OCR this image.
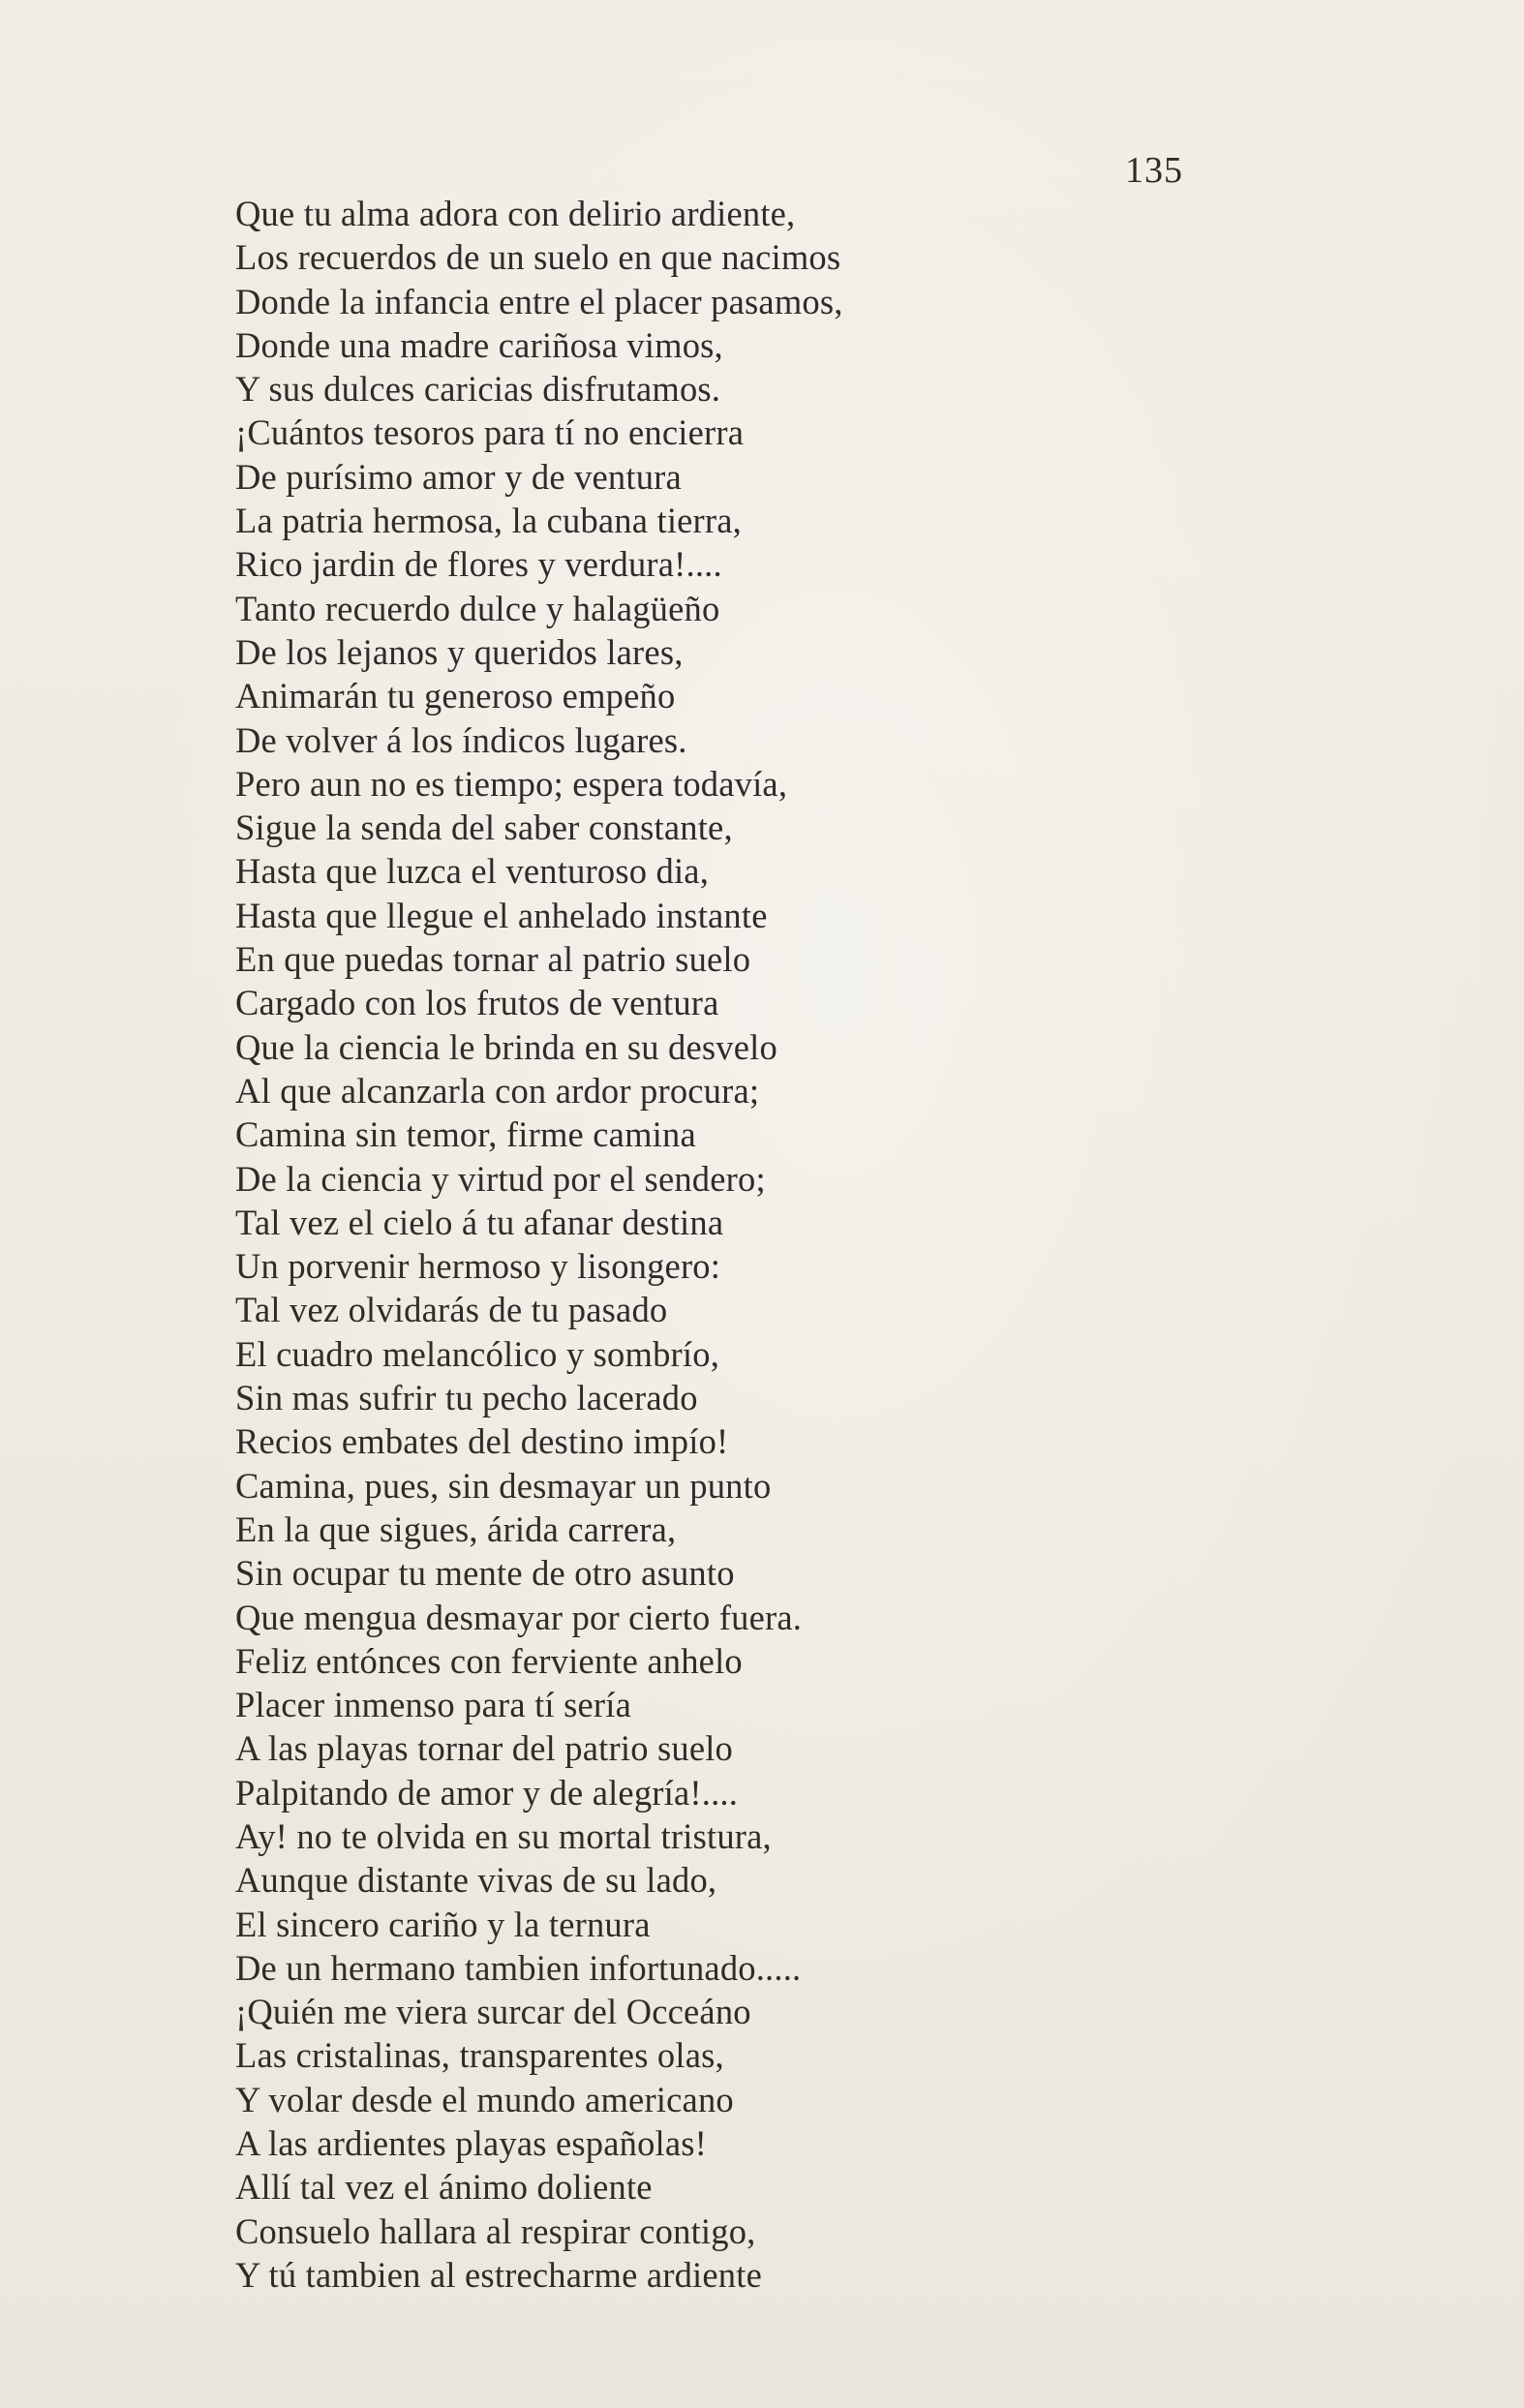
135
Que tu alma adora con delirio ardiente,
Los recuerdos de un suelo en que nacimos
Donde la infancia entre el placer pasamos,
Donde una madre cariñosa vimos,
Y sus dulces caricias disfrutamos.
¡Cuántos tesoros para tí no encierra
De purísimo amor y de ventura
La patria hermosa, la cubana tierra,
Rico jardin de flores y verdura!....
Tanto recuerdo dulce y halagüeño
De los lejanos y queridos lares,
Animarán tu generoso empeño
De volver á los índicos lugares.
Pero aun no es tiempo; espera todavía,
Sigue la senda del saber constante,
Hasta que luzca el venturoso dia,
Hasta que llegue el anhelado instante
En que puedas tornar al patrio suelo
Cargado con los frutos de ventura
Que la ciencia le brinda en su desvelo
Al que alcanzarla con ardor procura;
Camina sin temor, firme camina
De la ciencia y virtud por el sendero;
Tal vez el cielo á tu afanar destina
Un porvenir hermoso y lisongero:
Tal vez olvidarás de tu pasado
El cuadro melancólico y sombrío,
Sin mas sufrir tu pecho lacerado
Recios embates del destino impío!
Camina, pues, sin desmayar un punto
En la que sigues, árida carrera,
Sin ocupar tu mente de otro asunto
Que mengua desmayar por cierto fuera.
Feliz entónces con ferviente anhelo
Placer inmenso para tí sería
A las playas tornar del patrio suelo
Palpitando de amor y de alegría!....
Ay! no te olvida en su mortal tristura,
Aunque distante vivas de su lado,
El sincero cariño y la ternura
De un hermano tambien infortunado.....
¡Quién me viera surcar del Occeáno
Las cristalinas, transparentes olas,
Y volar desde el mundo americano
A las ardientes playas españolas!
Allí tal vez el ánimo doliente
Consuelo hallara al respirar contigo,
Y tú tambien al estrecharme ardiente
